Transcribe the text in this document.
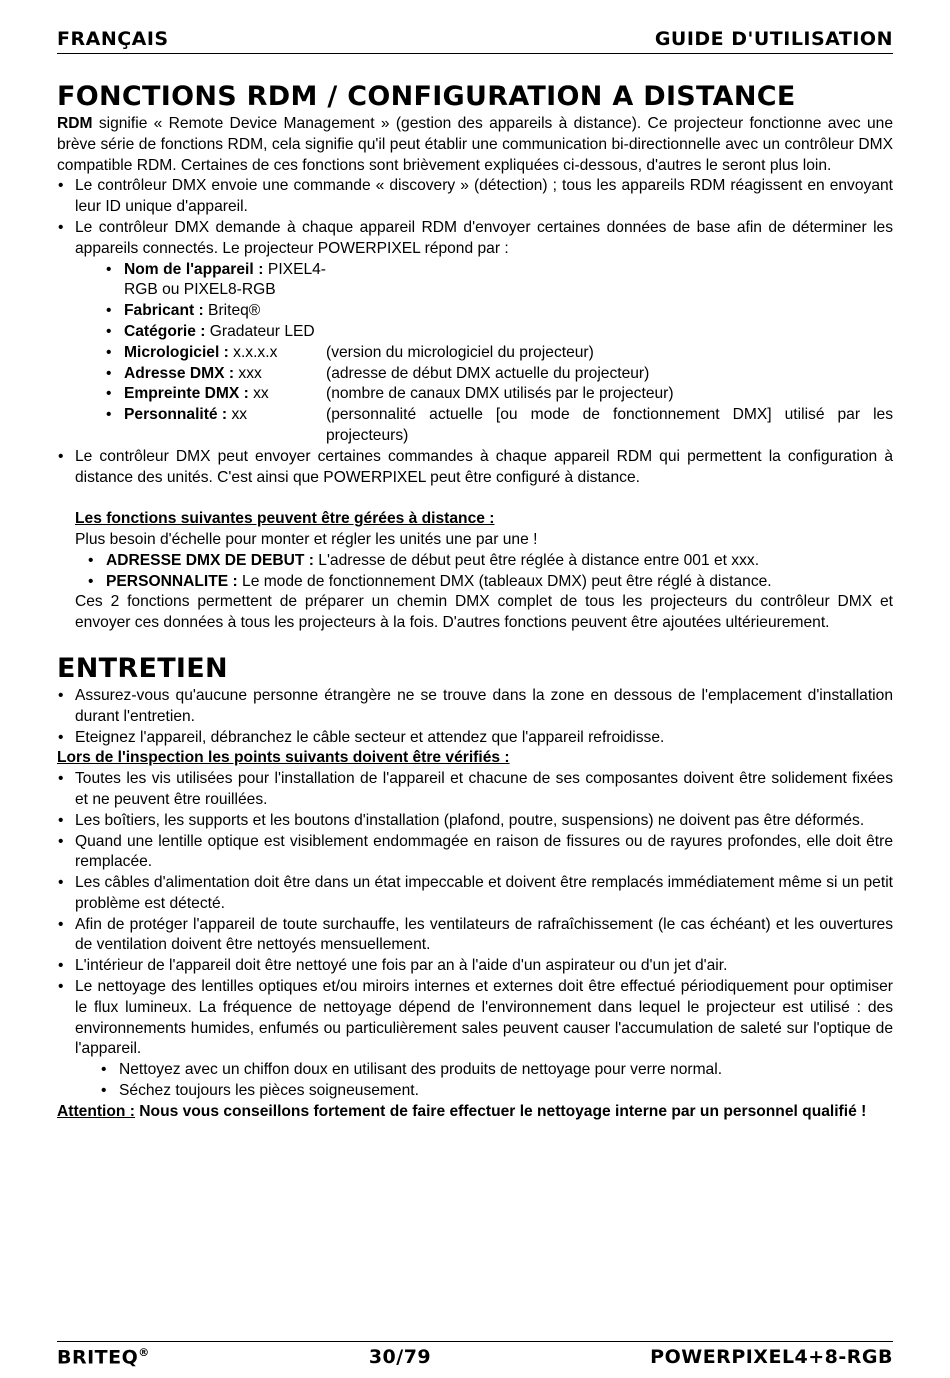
FRANÇAIS	GUIDE D'UTILISATION
FONCTIONS RDM / CONFIGURATION A DISTANCE

RDM signifie « Remote Device Management » (gestion des appareils à distance). Ce projecteur fonctionne avec une brève série de fonctions RDM, cela signifie qu'il peut établir une communication bi-directionnelle avec un contrôleur DMX compatible RDM. Certaines de ces fonctions sont brièvement expliquées ci-dessous, d'autres le seront plus loin.

• Le contrôleur DMX envoie une commande « discovery » (détection) ; tous les appareils RDM réagissent en envoyant leur ID unique d'appareil.
• Le contrôleur DMX demande à chaque appareil RDM d'envoyer certaines données de base afin de déterminer les appareils connectés. Le projecteur POWERPIXEL répond par :
• Nom de l'appareil : PIXEL4-RGB ou PIXEL8-RGB
• Fabricant : Briteq®
• Catégorie : Gradateur LED
• Micrologiciel : x.x.x.x	(version du micrologiciel du projecteur)
• Adresse DMX : xxx	(adresse de début DMX actuelle du projecteur)
• Empreinte DMX : xx	(nombre de canaux DMX utilisés par le projecteur)
• Personnalité : xx	(personnalité actuelle [ou mode de fonctionnement DMX] utilisé par les projecteurs)
• Le contrôleur DMX peut envoyer certaines commandes à chaque appareil RDM qui permettent la configuration à distance des unités. C'est ainsi que POWERPIXEL peut être configuré à distance.

Les fonctions suivantes peuvent être gérées à distance :

Plus besoin d'échelle pour monter et régler les unités une par une !

• ADRESSE DMX DE DEBUT : L'adresse de début peut être réglée à distance entre 001 et xxx.
• PERSONNALITE : Le mode de fonctionnement DMX (tableaux DMX) peut être réglé à distance.

Ces 2 fonctions permettent de préparer un chemin DMX complet de tous les projecteurs du contrôleur DMX et envoyer ces données à tous les projecteurs à la fois. D'autres fonctions peuvent être ajoutées ultérieurement.

ENTRETIEN
• Assurez-vous qu'aucune personne étrangère ne se trouve dans la zone en dessous de l'emplacement d'installation durant l'entretien.
• Eteignez l'appareil, débranchez le câble secteur et attendez que l'appareil refroidisse.

Lors de l'inspection les points suivants doivent être vérifiés :

• Toutes les vis utilisées pour l'installation de l'appareil et chacune de ses composantes doivent être solidement fixées et ne peuvent être rouillées.
• Les boîtiers, les supports et les boutons d'installation (plafond, poutre, suspensions) ne doivent pas être déformés.
• Quand une lentille optique est visiblement endommagée en raison de fissures ou de rayures profondes, elle doit être remplacée.
• Les câbles d'alimentation doit être dans un état impeccable et doivent être remplacés immédiatement même si un petit problème est détecté.
• Afin de protéger l'appareil de toute surchauffe, les ventilateurs de rafraîchissement (le cas échéant) et les ouvertures de ventilation doivent être nettoyés mensuellement.
• L'intérieur de l'appareil doit être nettoyé une fois par an à l'aide d'un aspirateur ou d'un jet d'air.
• Le nettoyage des lentilles optiques et/ou miroirs internes et externes doit être effectué périodiquement pour optimiser le flux lumineux. La fréquence de nettoyage dépend de l'environnement dans lequel le projecteur est utilisé : des environnements humides, enfumés ou particulièrement sales peuvent causer l'accumulation de saleté sur l'optique de l'appareil.
• Nettoyez avec un chiffon doux en utilisant des produits de nettoyage pour verre normal.
• Séchez toujours les pièces soigneusement.

Attention : Nous vous conseillons fortement de faire effectuer le nettoyage interne par un personnel qualifié !

BRITEQ®	30/79	POWERPIXEL4+8-RGB
